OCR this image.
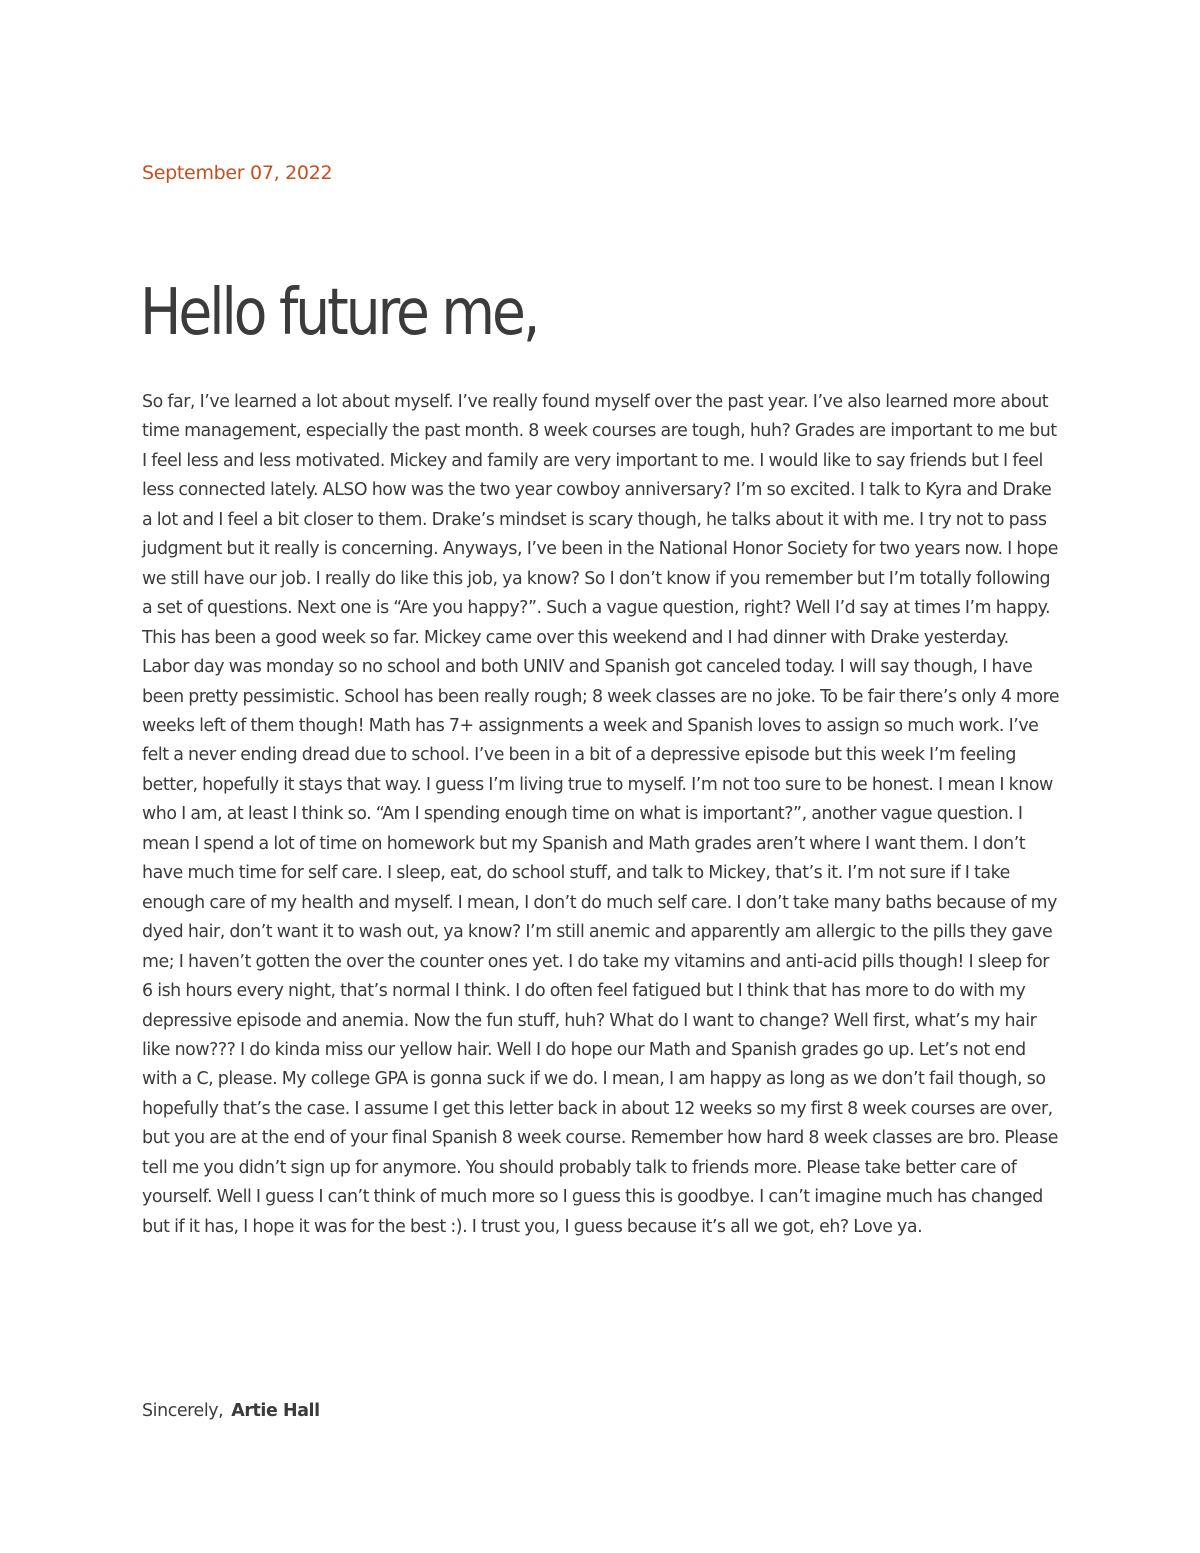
September 07, 2022
Hello future me,

So far, I’ve learned a lot about myself. I’ve really found myself over the past year. I’ve also learned more about time management, especially the past month. 8 week courses are tough, huh? Grades are important to me but I feel less and less motivated. Mickey and family are very important to me. I would like to say friends but I feel less connected lately. ALSO how was the two year cowboy anniversary? I’m so excited. I talk to Kyra and Drake a lot and I feel a bit closer to them. Drake’s mindset is scary though, he talks about it with me. I try not to pass judgment but it really is concerning. Anyways, I’ve been in the National Honor Society for two years now. I hope we still have our job. I really do like this job, ya know? So I don’t know if you remember but I’m totally following a set of questions. Next one is “Are you happy?”. Such a vague question, right? Well I’d say at times I’m happy. This has been a good week so far. Mickey came over this weekend and I had dinner with Drake yesterday. Labor day was monday so no school and both UNIV and Spanish got canceled today. I will say though, I have been pretty pessimistic. School has been really rough; 8 week classes are no joke. To be fair there’s only 4 more weeks left of them though! Math has 7+ assignments a week and Spanish loves to assign so much work. I’ve felt a never ending dread due to school. I’ve been in a bit of a depressive episode but this week I’m feeling better, hopefully it stays that way. I guess I’m living true to myself. I’m not too sure to be honest. I mean I know who I am, at least I think so. “Am I spending enough time on what is important?”, another vague question. I mean I spend a lot of time on homework but my Spanish and Math grades aren’t where I want them. I don’t have much time for self care. I sleep, eat, do school stuff, and talk to Mickey, that’s it. I’m not sure if I take enough care of my health and myself. I mean, I don’t do much self care. I don’t take many baths because of my dyed hair, don’t want it to wash out, ya know? I’m still anemic and apparently am allergic to the pills they gave me; I haven’t gotten the over the counter ones yet. I do take my vitamins and anti-acid pills though! I sleep for 6 ish hours every night, that’s normal I think. I do often feel fatigued but I think that has more to do with my depressive episode and anemia. Now the fun stuff, huh? What do I want to change? Well first, what’s my hair like now??? I do kinda miss our yellow hair. Well I do hope our Math and Spanish grades go up. Let’s not end with a C, please. My college GPA is gonna suck if we do. I mean, I am happy as long as we don’t fail though, so hopefully that’s the case. I assume I get this letter back in about 12 weeks so my first 8 week courses are over, but you are at the end of your final Spanish 8 week course. Remember how hard 8 week classes are bro. Please tell me you didn’t sign up for anymore. You should probably talk to friends more. Please take better care of yourself. Well I guess I can’t think of much more so I guess this is goodbye. I can’t imagine much has changed but if it has, I hope it was for the best :). I trust you, I guess because it’s all we got, eh? Love ya.

Sincerely, Artie Hall
